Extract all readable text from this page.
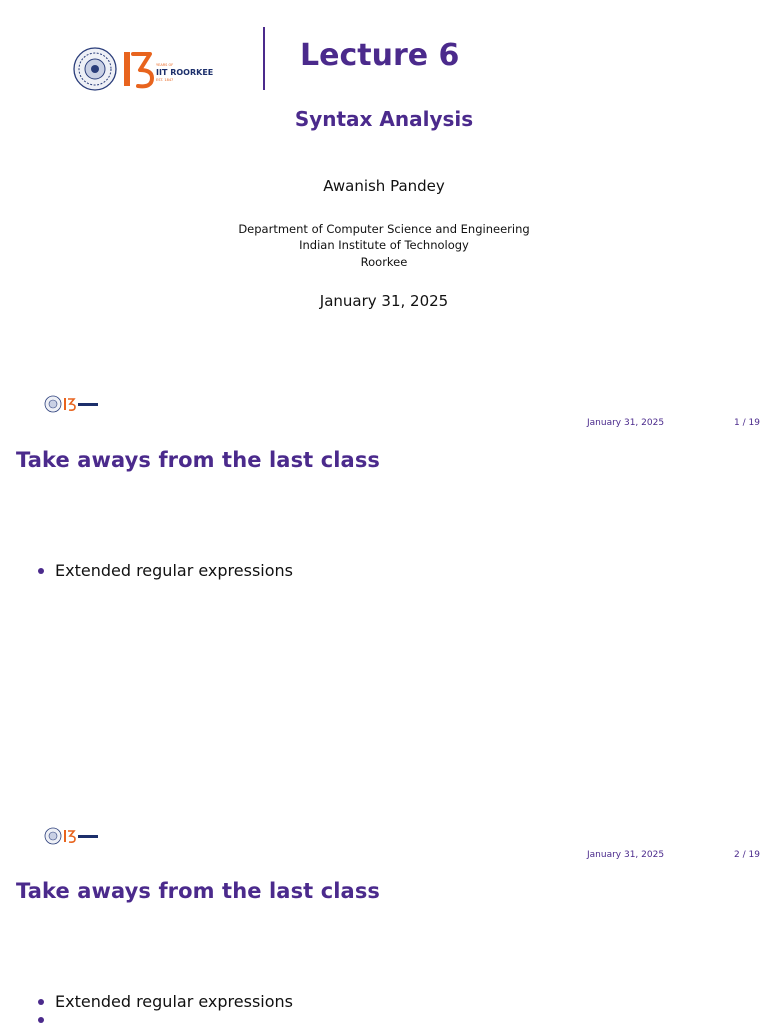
YEARS OF
IIT ROORKEE
EST. 1847
Lecture 6
Syntax Analysis
Awanish Pandey
Department of Computer Science and Engineering
Indian Institute of Technology
Roorkee
January 31, 2025
January 31, 2025	1 / 19
Take aways from the last class
Extended regular expressions
January 31, 2025	2 / 19
Take aways from the last class
Extended regular expressions
